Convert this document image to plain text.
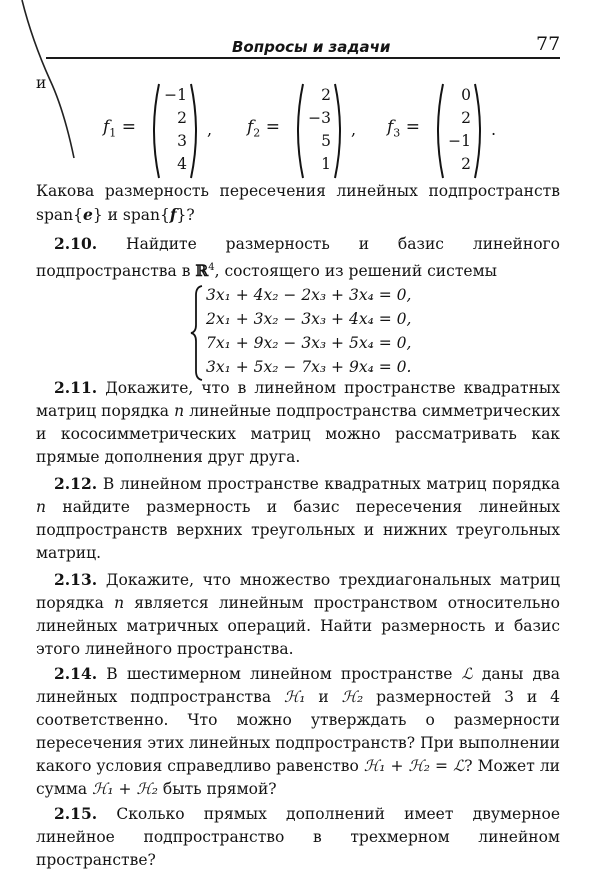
Вопросы и задачи	77
и
$f_1$ =
−1
2
3
4
, $f_2$ =
2
−3
5
1
, $f_3$ =
0
2
−1
2
.

Какова размерность пересечения линейных подпространств span{e} и span{f}?

2.10. Найдите размерность и базис линейного подпространства в ℝ$^4$, состоящего из решений системы

3x₁ + 4x₂ − 2x₃ + 3x₄ = 0,
2x₁ + 3x₂ − 3x₃ + 4x₄ = 0,
7x₁ + 9x₂ − 3x₃ + 5x₄ = 0,
3x₁ + 5x₂ − 7x₃ + 9x₄ = 0.

2.11. Докажите, что в линейном пространстве квадратных матриц порядка n линейные подпространства симметрических и кососимметрических матриц можно рассматривать как прямые дополнения друг друга.

2.12. В линейном пространстве квадратных матриц порядка n найдите размерность и базис пересечения линейных подпространств верхних треугольных и нижних треугольных матриц.

2.13. Докажите, что множество трехдиагональных матриц порядка n является линейным пространством относительно линейных матричных операций. Найти размерность и базис этого линейного пространства.

2.14. В шестимерном линейном пространстве ℒ даны два линейных подпространства ℋ₁ и ℋ₂ размерностей 3 и 4 соответственно. Что можно утверждать о размерности пересечения этих линейных подпространств? При выполнении какого условия справедливо равенство ℋ₁ + ℋ₂ = ℒ? Может ли сумма ℋ₁ + ℋ₂ быть прямой?

2.15. Сколько прямых дополнений имеет двумерное линейное подпространство в трехмерном линейном пространстве?
